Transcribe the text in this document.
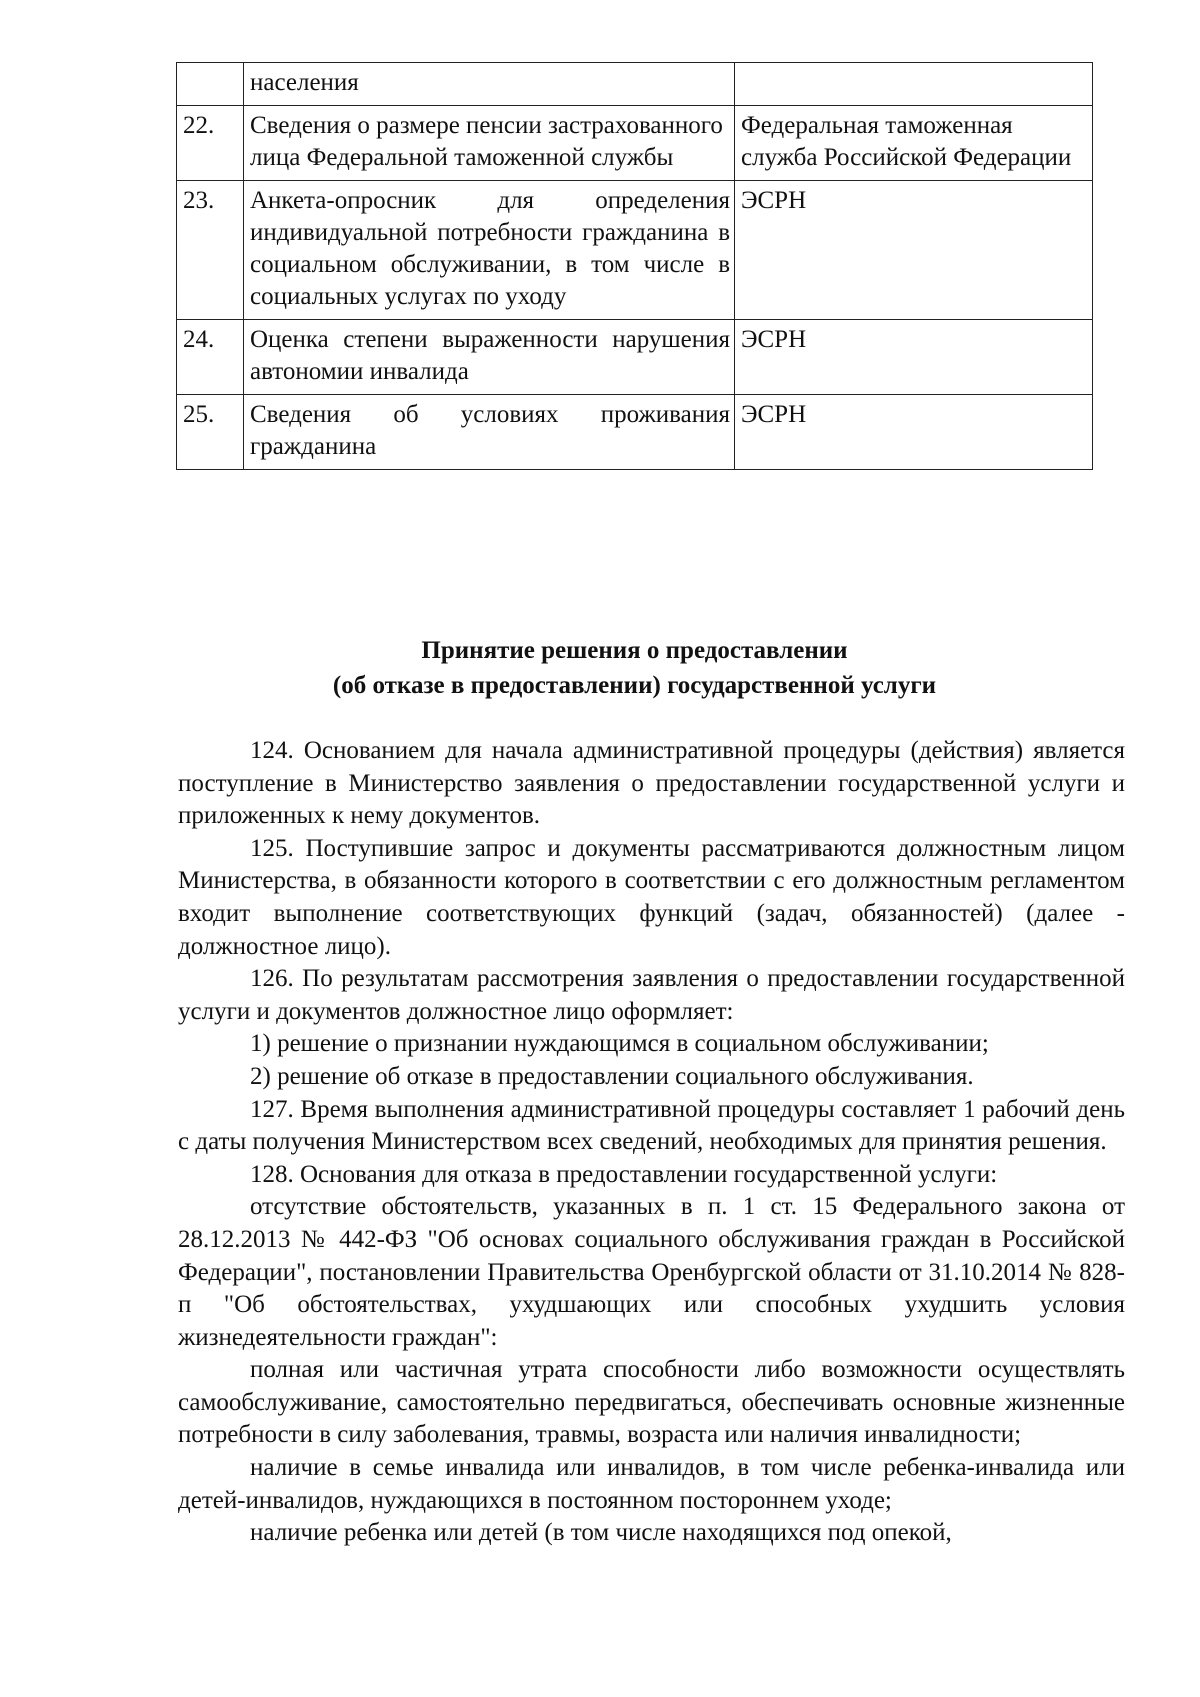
	населения	
22.	Сведения о размере пенсии застрахованного лица Федеральной таможенной службы	Федеральная таможенная служба Российской Федерации
23.	Анкета-опросник для определения индивидуальной потребности гражданина в социальном обслуживании, в том числе в социальных услугах по уходу	ЭСРН
24.	Оценка степени выраженности нарушения автономии инвалида	ЭСРН
25.	Сведения об условиях проживания гражданина	ЭСРН
Принятие решения о предоставлении
(об отказе в предоставлении) государственной услуги

124. Основанием для начала административной процедуры (действия) является поступление в Министерство заявления о предоставлении государственной услуги и приложенных к нему документов.

125. Поступившие запрос и документы рассматриваются должностным лицом Министерства, в обязанности которого в соответствии с его должностным регламентом входит выполнение соответствующих функций (задач, обязанностей) (далее - должностное лицо).

126. По результатам рассмотрения заявления о предоставлении государственной услуги и документов должностное лицо оформляет:

1) решение о признании нуждающимся в социальном обслуживании;

2) решение об отказе в предоставлении социального обслуживания.

127. Время выполнения административной процедуры составляет 1 рабочий день с даты получения Министерством всех сведений, необходимых для принятия решения.

128. Основания для отказа в предоставлении государственной услуги:

отсутствие обстоятельств, указанных в п. 1 ст. 15 Федерального закона от 28.12.2013 № 442-ФЗ "Об основах социального обслуживания граждан в Российской Федерации", постановлении Правительства Оренбургской области от 31.10.2014 № 828-п "Об обстоятельствах, ухудшающих или способных ухудшить условия жизнедеятельности граждан":

полная или частичная утрата способности либо возможности осуществлять самообслуживание, самостоятельно передвигаться, обеспечивать основные жизненные потребности в силу заболевания, травмы, возраста или наличия инвалидности;

наличие в семье инвалида или инвалидов, в том числе ребенка-инвалида или детей-инвалидов, нуждающихся в постоянном постороннем уходе;

наличие ребенка или детей (в том числе находящихся под опекой,
